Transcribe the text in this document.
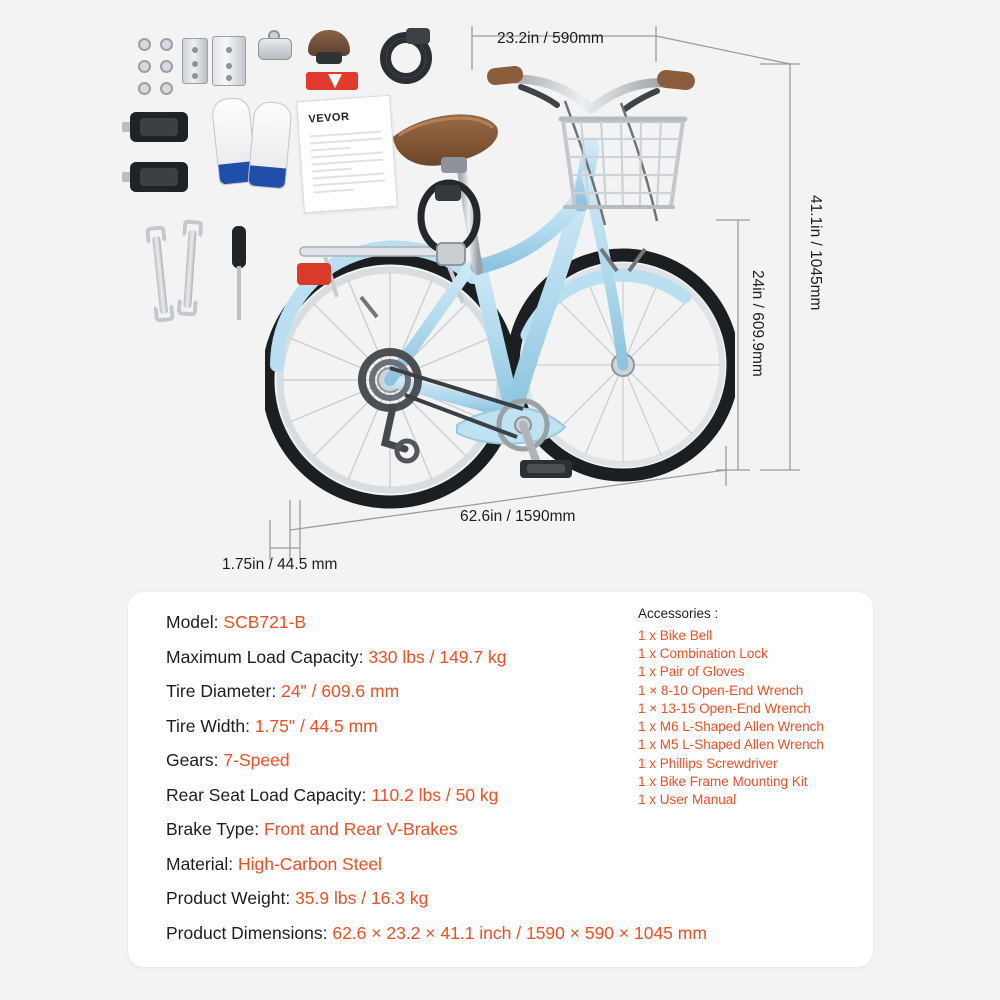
VEVOR
23.2in / 590mm
41.1in / 1045mm
24in / 609.9mm
62.6in / 1590mm
1.75in / 44.5 mm
Model: SCB721-B
Maximum Load Capacity: 330 lbs / 149.7 kg
Tire Diameter: 24" / 609.6 mm
Tire Width: 1.75" / 44.5 mm
Gears: 7-Speed
Rear Seat Load Capacity: 110.2 lbs / 50 kg
Brake Type: Front and Rear V-Brakes
Material: High-Carbon Steel
Product Weight: 35.9 lbs / 16.3 kg
Product Dimensions: 62.6 × 23.2 × 41.1 inch / 1590 × 590 × 1045 mm
Accessories :
1 x Bike Bell
1 x Combination Lock
1 x Pair of Gloves
1 × 8-10 Open-End Wrench
1 × 13-15 Open-End Wrench
1 x M6 L-Shaped Allen Wrench
1 x M5 L-Shaped Allen Wrench
1 x Phillips Screwdriver
1 x Bike Frame Mounting Kit
1 x User Manual
